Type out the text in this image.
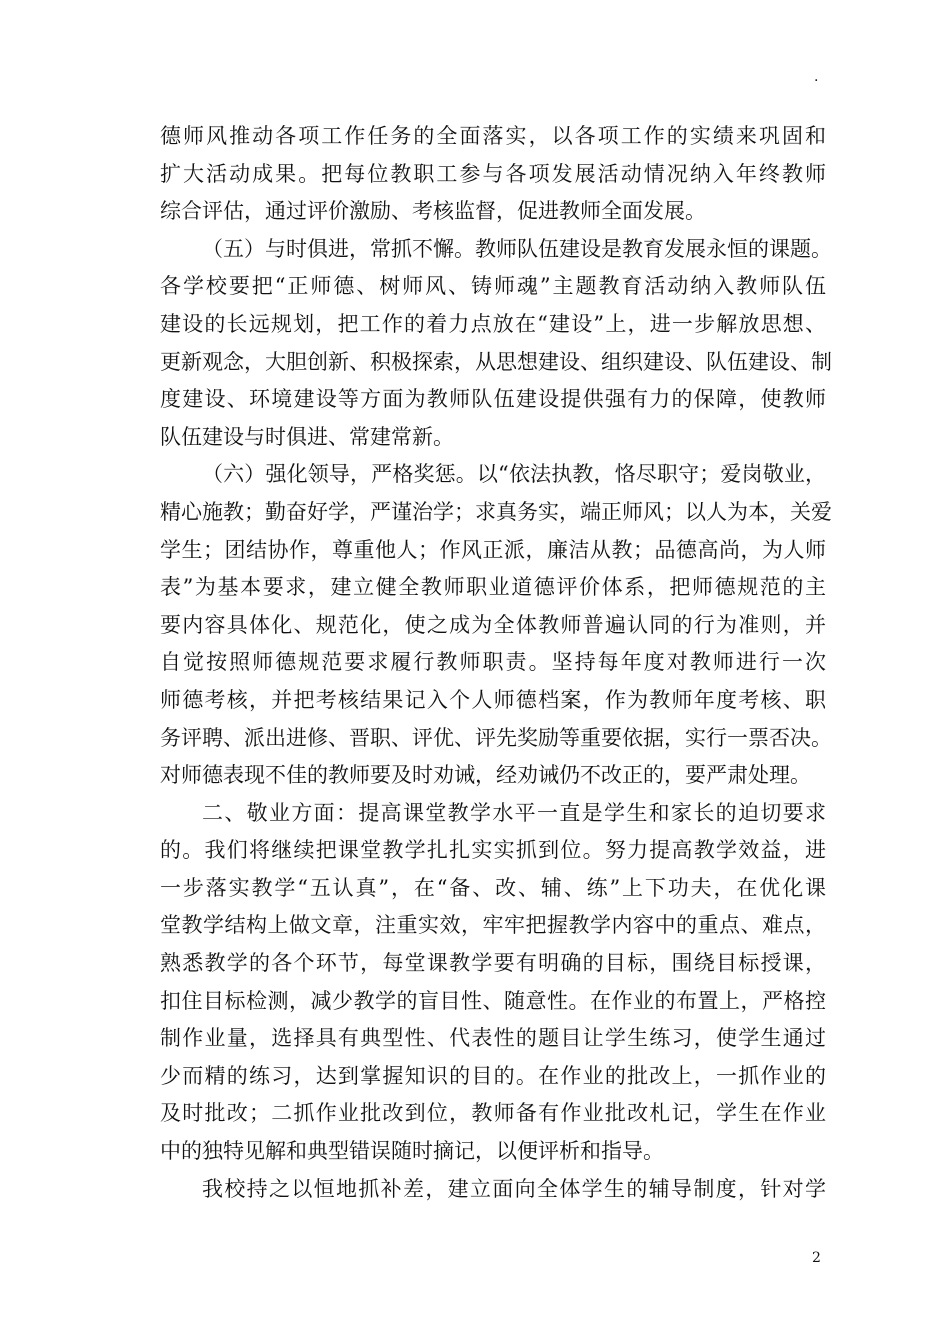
.
德师风推动各项工作任务的全面落实，以各项工作的实绩来巩固和
扩大活动成果。把每位教职工参与各项发展活动情况纳入年终教师
综合评估，通过评价激励、考核监督，促进教师全面发展。
（五）与时俱进，常抓不懈。教师队伍建设是教育发展永恒的课题。
各学校要把“正师德、树师风、铸师魂”主题教育活动纳入教师队伍
建设的长远规划，把工作的着力点放在“建设”上，进一步解放思想、
更新观念，大胆创新、积极探索，从思想建设、组织建设、队伍建设、制
度建设、环境建设等方面为教师队伍建设提供强有力的保障，使教师
队伍建设与时俱进、常建常新。
（六）强化领导，严格奖惩。以“依法执教，恪尽职守；爱岗敬业，
精心施教；勤奋好学，严谨治学；求真务实，端正师风；以人为本，关爱
学生；团结协作，尊重他人；作风正派，廉洁从教；品德高尚，为人师
表”为基本要求，建立健全教师职业道德评价体系，把师德规范的主
要内容具体化、规范化，使之成为全体教师普遍认同的行为准则，并
自觉按照师德规范要求履行教师职责。坚持每年度对教师进行一次
师德考核，并把考核结果记入个人师德档案，作为教师年度考核、职
务评聘、派出进修、晋职、评优、评先奖励等重要依据，实行一票否决。
对师德表现不佳的教师要及时劝诫，经劝诫仍不改正的，要严肃处理。
二、敬业方面：提高课堂教学水平一直是学生和家长的迫切要求
的。我们将继续把课堂教学扎扎实实抓到位。努力提高教学效益，进
一步落实教学“五认真”，在“备、改、辅、练”上下功夫，在优化课
堂教学结构上做文章，注重实效，牢牢把握教学内容中的重点、难点，
熟悉教学的各个环节，每堂课教学要有明确的目标，围绕目标授课，
扣住目标检测，减少教学的盲目性、随意性。在作业的布置上，严格控
制作业量，选择具有典型性、代表性的题目让学生练习，使学生通过
少而精的练习，达到掌握知识的目的。在作业的批改上，一抓作业的
及时批改；二抓作业批改到位，教师备有作业批改札记，学生在作业
中的独特见解和典型错误随时摘记，以便评析和指导。
我校持之以恒地抓补差，建立面向全体学生的辅导制度，针对学
2
